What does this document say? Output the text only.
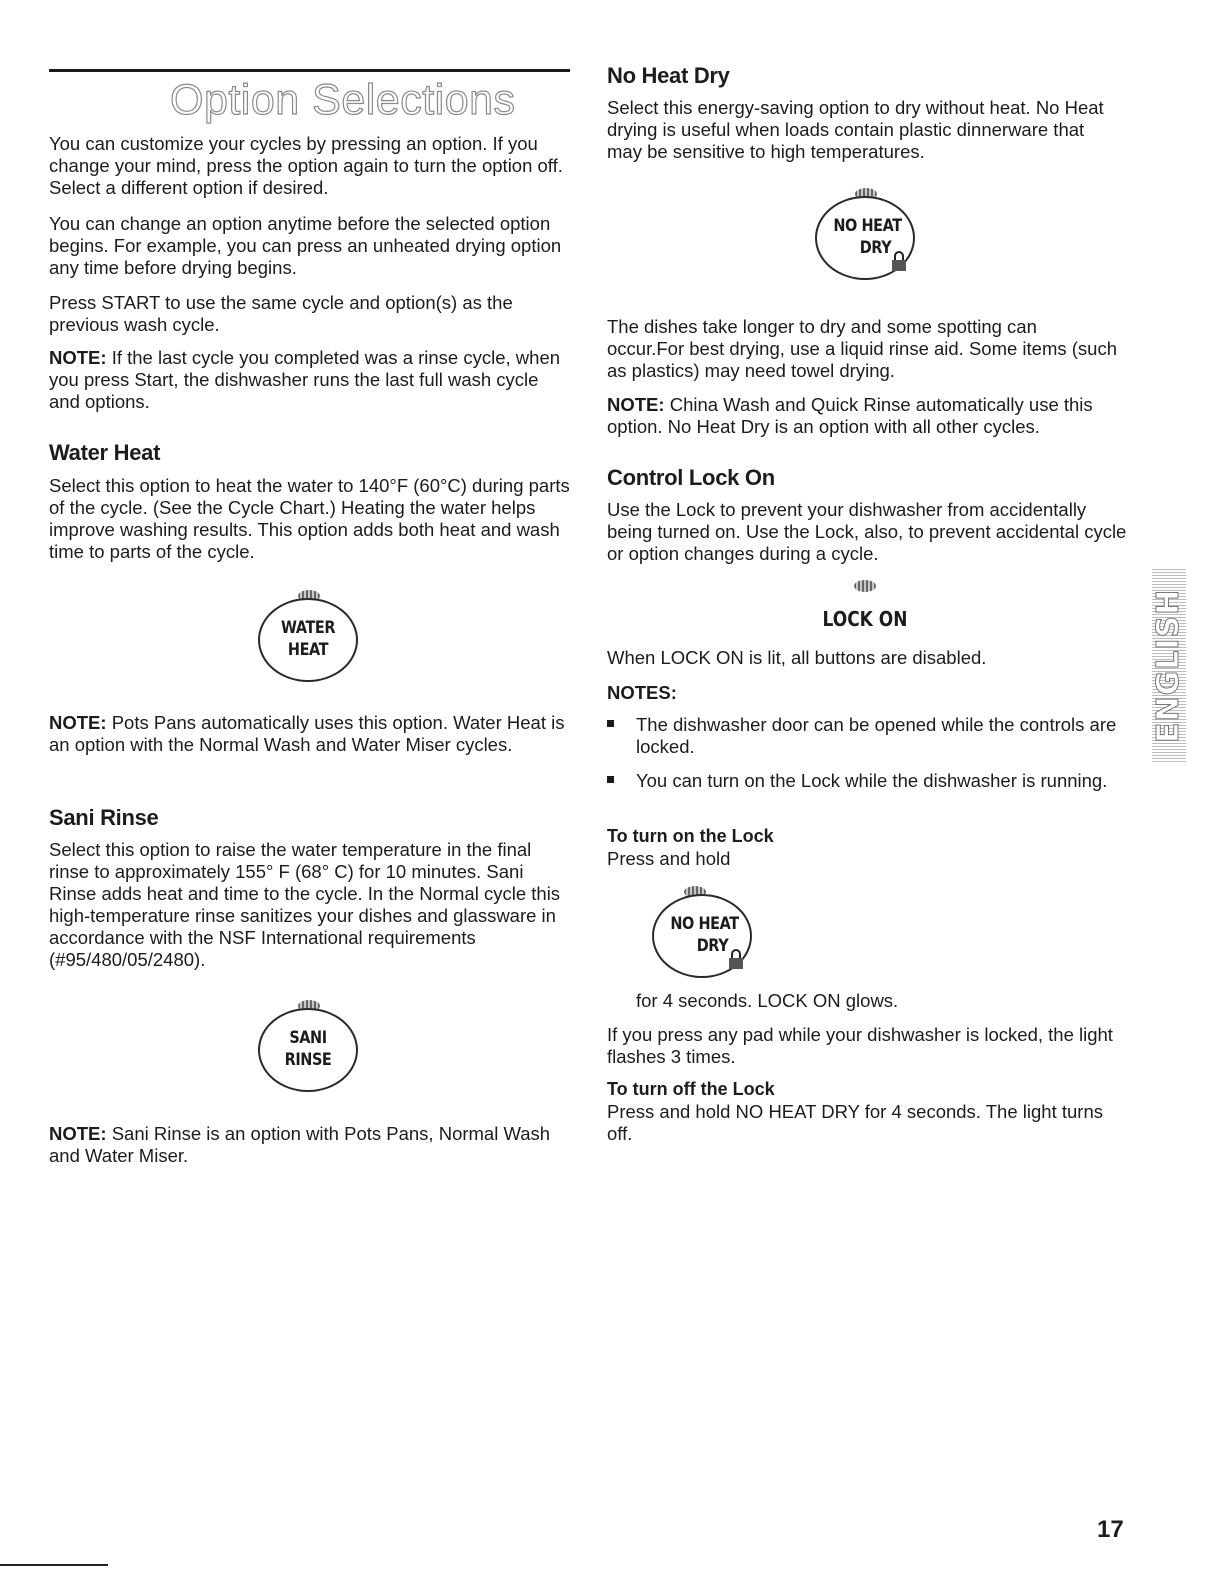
Option Selections

You can customize your cycles by pressing an option. If you change your mind, press the option again to turn the option off. Select a different option if desired.

You can change an option anytime before the selected option begins. For example, you can press an unheated drying option any time before drying begins.

Press START to use the same cycle and option(s) as the previous wash cycle.

NOTE: If the last cycle you completed was a rinse cycle, when you press Start, the dishwasher runs the last full wash cycle and options.

Water Heat

Select this option to heat the water to 140°F (60°C) during parts of the cycle. (See the Cycle Chart.) Heating the water helps improve washing results. This option adds both heat and wash time to parts of the cycle.

WATER
HEAT

NOTE: Pots Pans automatically uses this option. Water Heat is an option with the Normal Wash and Water Miser cycles.

Sani Rinse

Select this option to raise the water temperature in the final rinse to approximately 155° F (68° C) for 10 minutes. Sani Rinse adds heat and time to the cycle. In the Normal cycle this high-temperature rinse sanitizes your dishes and glassware in accordance with the NSF International requirements (#95/480/05/2480).

SANI
RINSE

NOTE: Sani Rinse is an option with Pots Pans, Normal Wash and Water Miser.

No Heat Dry

Select this energy-saving option to dry without heat. No Heat drying is useful when loads contain plastic dinnerware that may be sensitive to high temperatures.

NO HEAT
DRY

The dishes take longer to dry and some spotting can occur.For best drying, use a liquid rinse aid. Some items (such as plastics) may need towel drying.

NOTE: China Wash and Quick Rinse automatically use this option. No Heat Dry is an option with all other cycles.

Control Lock On

Use the Lock to prevent your dishwasher from accidentally being turned on. Use the Lock, also, to prevent accidental cycle or option changes during a cycle.

LOCK ON

When LOCK ON is lit, all buttons are disabled.

NOTES:

The dishwasher door can be opened while the controls are locked.

You can turn on the Lock while the dishwasher is running.

To turn on the Lock

Press and hold

NO HEAT
DRY

for 4 seconds. LOCK ON glows.

If you press any pad while your dishwasher is locked, the light flashes 3 times.

To turn off the Lock

Press and hold NO HEAT DRY for 4 seconds. The light turns off.

ENGLISH
17
